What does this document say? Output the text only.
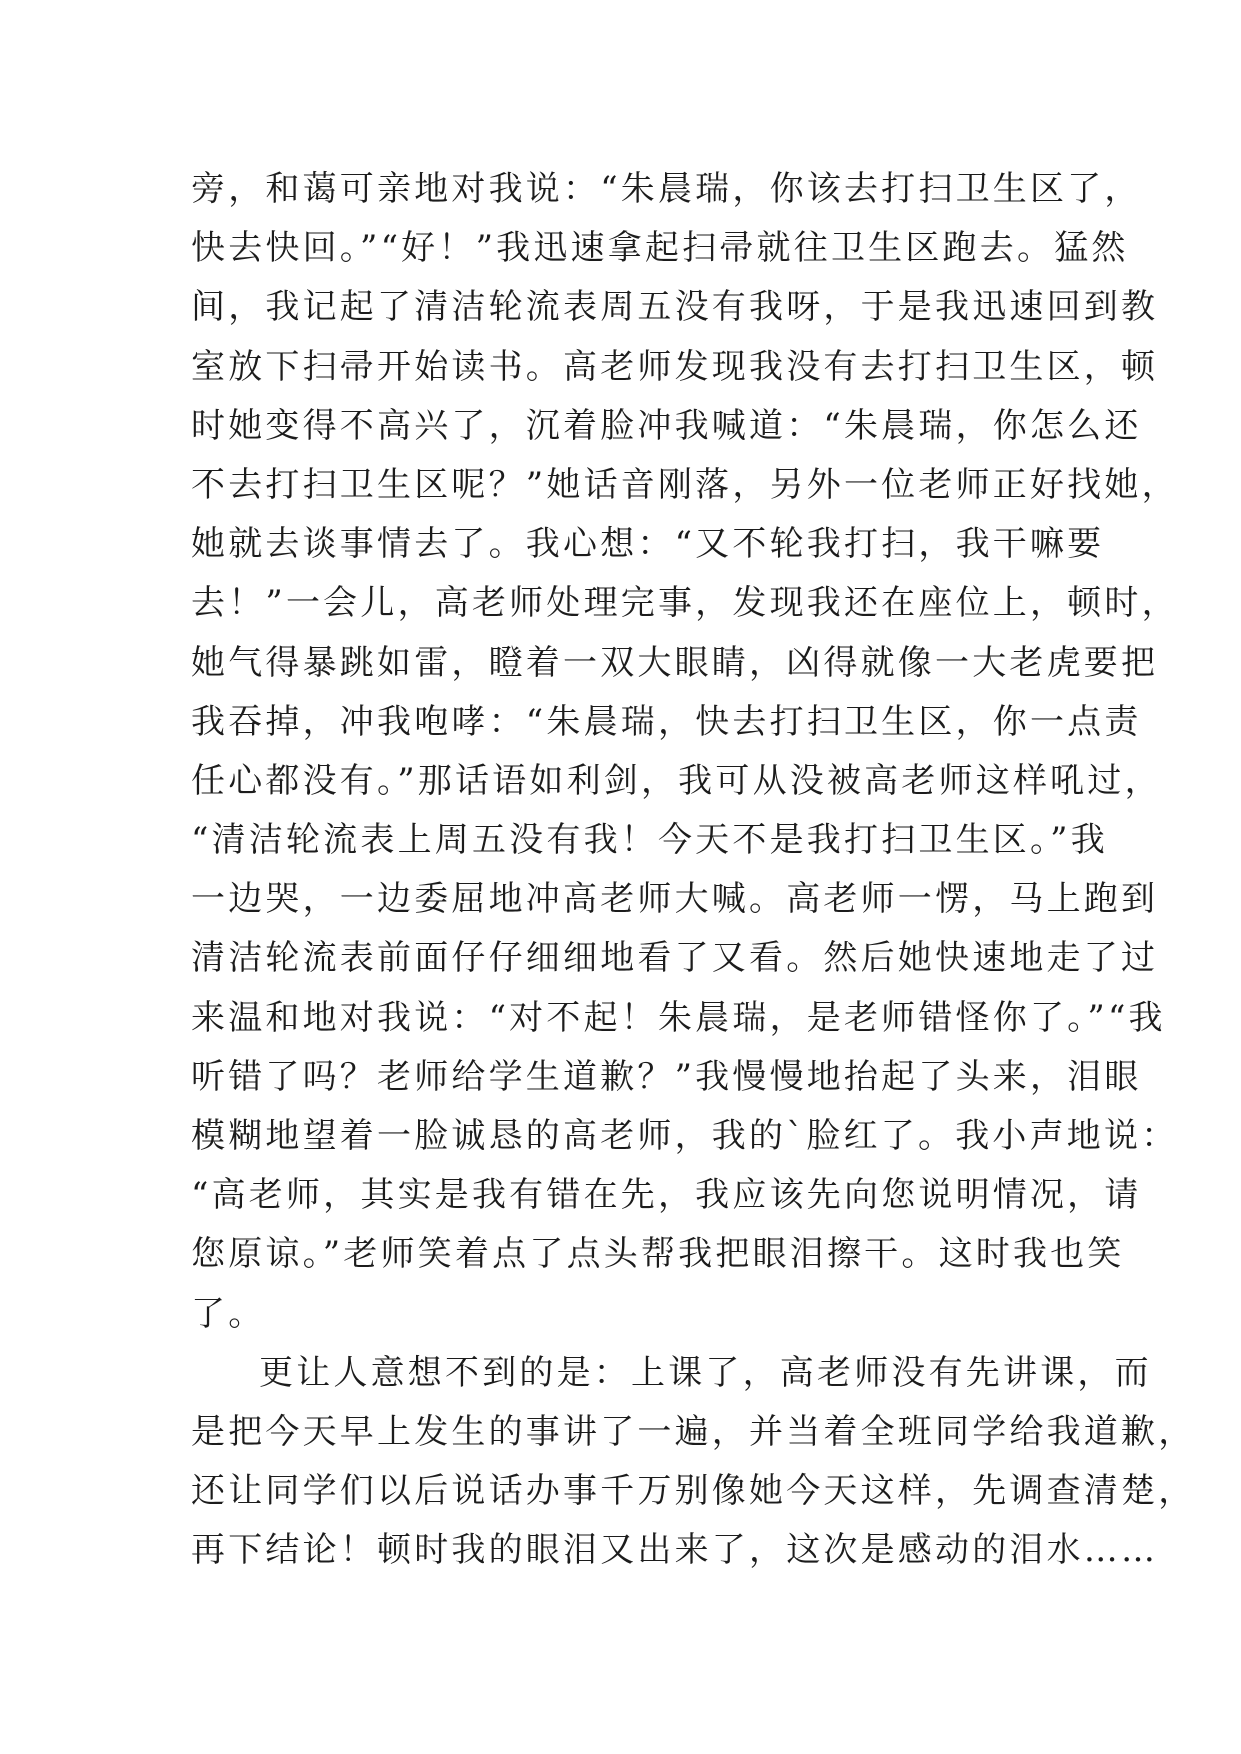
旁，和蔼可亲地对我说：“朱晨瑞，你该去打扫卫生区了，
快去快回。”“好！”我迅速拿起扫帚就往卫生区跑去。猛然
间，我记起了清洁轮流表周五没有我呀，于是我迅速回到教
室放下扫帚开始读书。高老师发现我没有去打扫卫生区，顿
时她变得不高兴了，沉着脸冲我喊道：“朱晨瑞，你怎么还
不去打扫卫生区呢？”她话音刚落，另外一位老师正好找她，
她就去谈事情去了。我心想：“又不轮我打扫，我干嘛要
去！”一会儿，高老师处理完事，发现我还在座位上，顿时，
她气得暴跳如雷，瞪着一双大眼睛，凶得就像一大老虎要把
我吞掉，冲我咆哮：“朱晨瑞，快去打扫卫生区，你一点责
任心都没有。”那话语如利剑，我可从没被高老师这样吼过，
“清洁轮流表上周五没有我！今天不是我打扫卫生区。”我
一边哭，一边委屈地冲高老师大喊。高老师一愣，马上跑到
清洁轮流表前面仔仔细细地看了又看。然后她快速地走了过
来温和地对我说：“对不起！朱晨瑞，是老师错怪你了。”“我
听错了吗？老师给学生道歉？”我慢慢地抬起了头来，泪眼
模糊地望着一脸诚恳的高老师，我的`脸红了。我小声地说：
“高老师，其实是我有错在先，我应该先向您说明情况，请
您原谅。”老师笑着点了点头帮我把眼泪擦干。这时我也笑
了。
更让人意想不到的是：上课了，高老师没有先讲课，而
是把今天早上发生的事讲了一遍，并当着全班同学给我道歉，
还让同学们以后说话办事千万别像她今天这样，先调查清楚，
再下结论！顿时我的眼泪又出来了，这次是感动的泪水……
